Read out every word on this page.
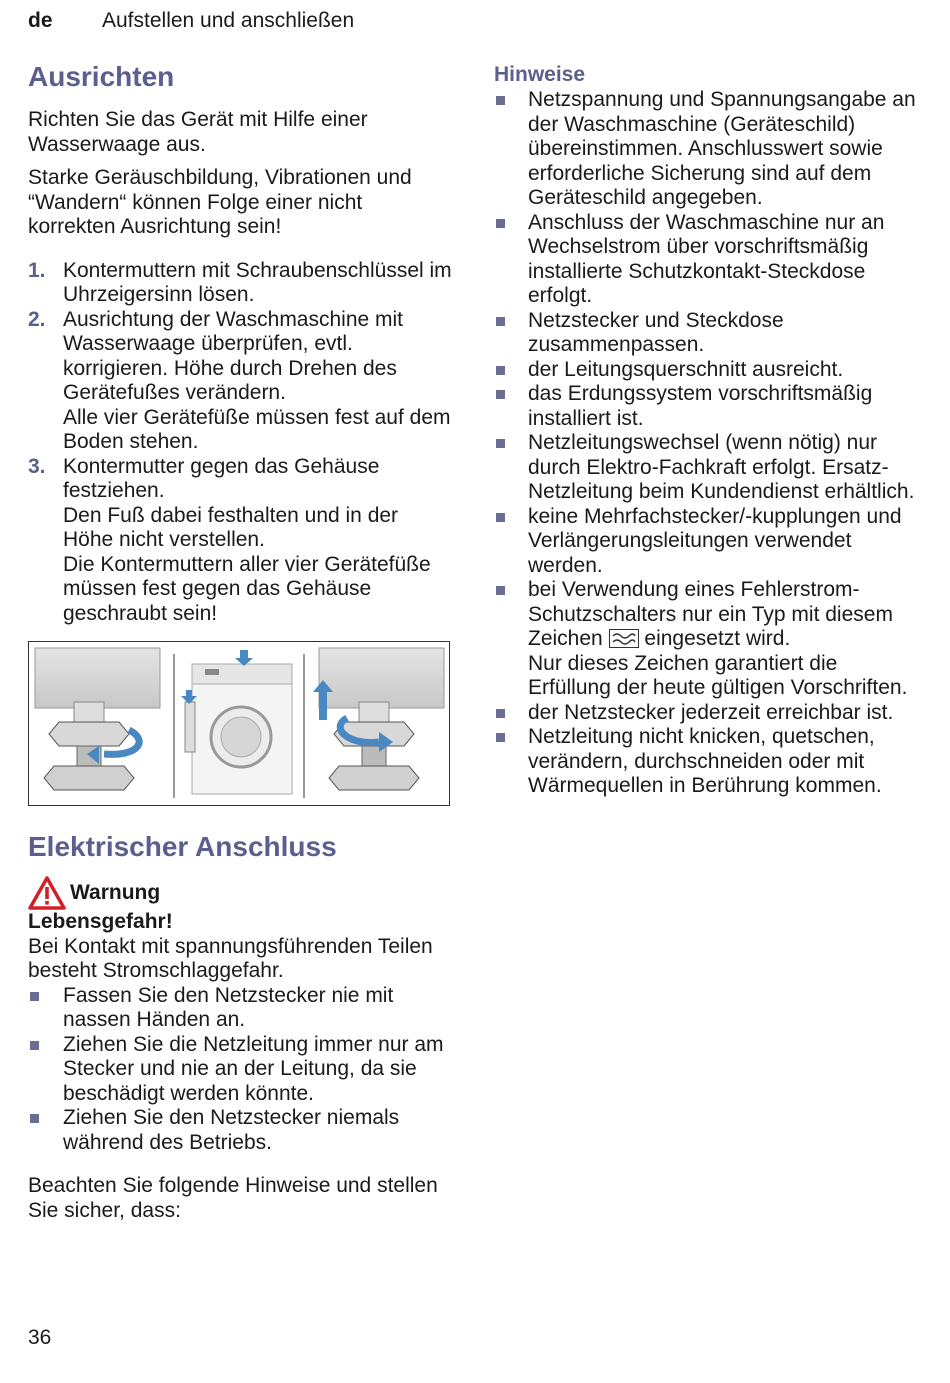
de Aufstellen und anschließen
Ausrichten

Richten Sie das Gerät mit Hilfe einer Wasserwaage aus.

Starke Geräuschbildung, Vibrationen und “Wandern“ können Folge einer nicht korrekten Ausrichtung sein!

1. Kontermuttern mit Schraubenschlüssel im Uhrzeigersinn lösen.
2. Ausrichtung der Waschmaschine mit Wasserwaage überprüfen, evtl. korrigieren. Höhe durch Drehen des Gerätefußes verändern.
Alle vier Gerätefüße müssen fest auf dem Boden stehen.
3. Kontermutter gegen das Gehäuse festziehen.
Den Fuß dabei festhalten und in der Höhe nicht verstellen.
Die Kontermuttern aller vier Gerätefüße müssen fest gegen das Gehäuse geschraubt sein!
Elektrischer Anschluss
Warnung
Lebensgefahr!

Bei Kontakt mit spannungsführenden Teilen besteht Stromschlaggefahr.

Fassen Sie den Netzstecker nie mit nassen Händen an.
Ziehen Sie die Netzleitung immer nur am Stecker und nie an der Leitung, da sie beschädigt werden könnte.
Ziehen Sie den Netzstecker niemals während des Betriebs.

Beachten Sie folgende Hinweise und stellen Sie sicher, dass:

Hinweise
Netzspannung und Spannungsangabe an der Waschmaschine (Geräteschild) übereinstimmen. Anschlusswert sowie erforderliche Sicherung sind auf dem Geräteschild angegeben.
Anschluss der Waschmaschine nur an Wechselstrom über vorschriftsmäßig installierte Schutzkontakt-Steckdose erfolgt.
Netzstecker und Steckdose zusammenpassen.
der Leitungsquerschnitt ausreicht.
das Erdungssystem vorschriftsmäßig installiert ist.
Netzleitungswechsel (wenn nötig) nur durch Elektro-Fachkraft erfolgt. Ersatz-Netzleitung beim Kundendienst erhältlich.
keine Mehrfachstecker/-kupplungen und Verlängerungsleitungen verwendet werden.
bei Verwendung eines Fehlerstrom-Schutzschalters nur ein Typ mit diesem Zeichen eingesetzt wird.
Nur dieses Zeichen garantiert die Erfüllung der heute gültigen Vorschriften.
der Netzstecker jederzeit erreichbar ist.
Netzleitung nicht knicken, quetschen, verändern, durchschneiden oder mit Wärmequellen in Berührung kommen.
36
